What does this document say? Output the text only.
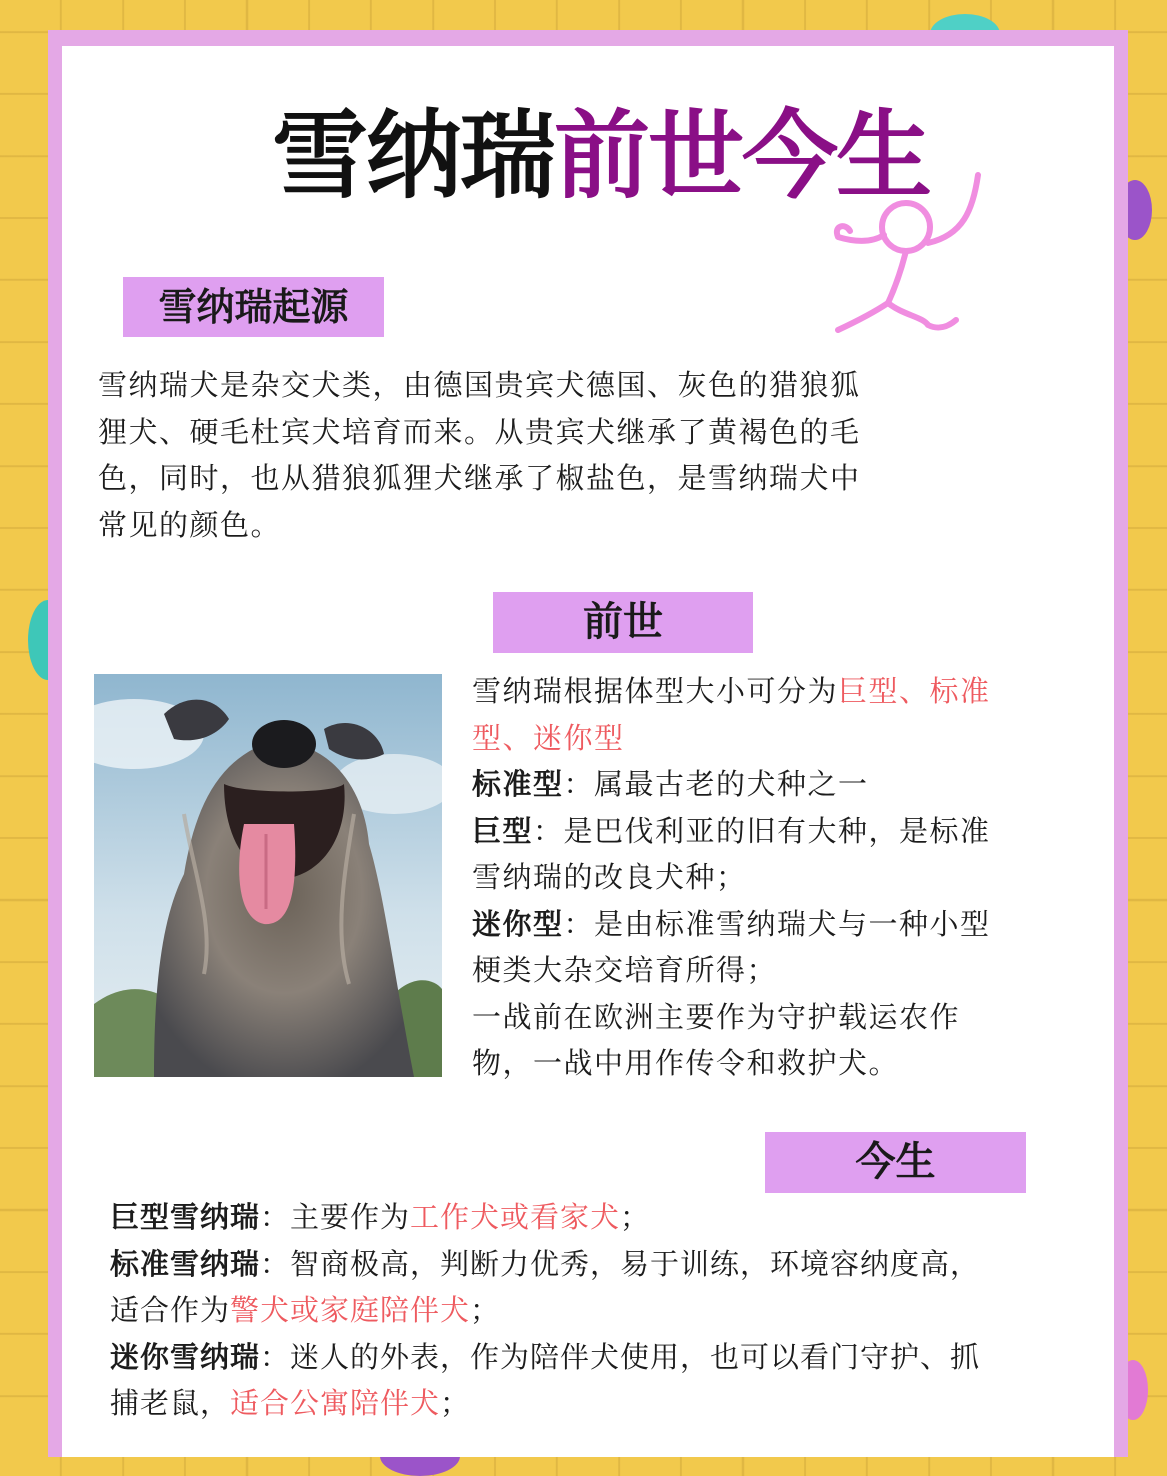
雪纳瑞前世今生
雪纳瑞起源
雪纳瑞犬是杂交犬类，由德国贵宾犬德国、灰色的猎狼狐
狸犬、硬毛杜宾犬培育而来。从贵宾犬继承了黄褐色的毛
色，同时，也从猎狼狐狸犬继承了椒盐色，是雪纳瑞犬中
常见的颜色。
前世
雪纳瑞根据体型大小可分为巨型、标准
型、迷你型
标准型：属最古老的犬种之一
巨型：是巴伐利亚的旧有大种，是标准
雪纳瑞的改良犬种；
迷你型：是由标准雪纳瑞犬与一种小型
梗类大杂交培育所得；
一战前在欧洲主要作为守护载运农作
物，一战中用作传令和救护犬。
今生
巨型雪纳瑞：主要作为工作犬或看家犬；
标准雪纳瑞：智商极高，判断力优秀，易于训练，环境容纳度高，
适合作为警犬或家庭陪伴犬；
迷你雪纳瑞：迷人的外表，作为陪伴犬使用，也可以看门守护、抓
捕老鼠，适合公寓陪伴犬；
